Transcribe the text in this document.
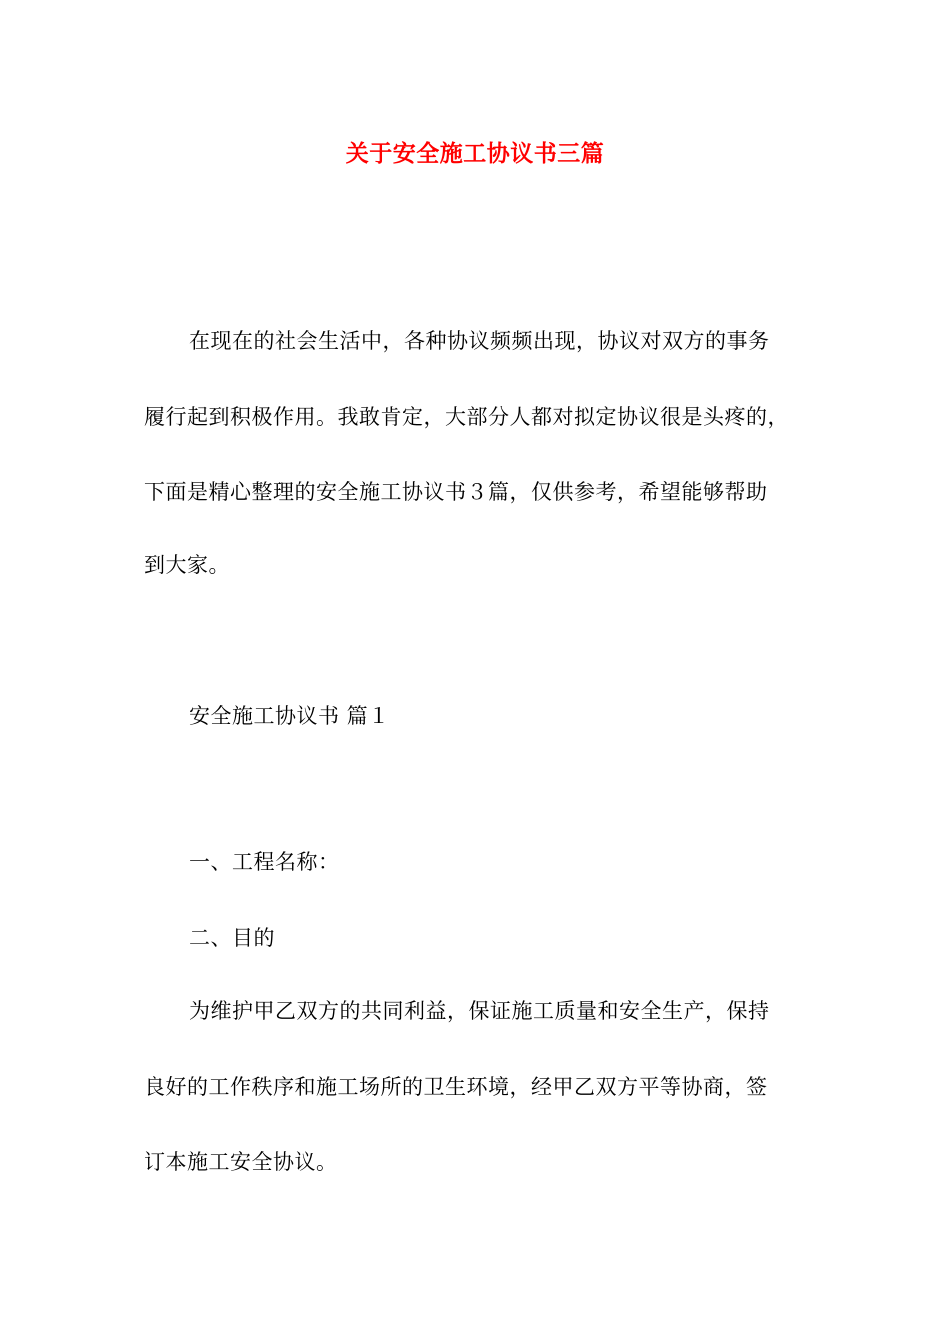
关于安全施工协议书三篇
在现在的社会生活中，各种协议频频出现，协议对双方的事务
履行起到积极作用。我敢肯定，大部分人都对拟定协议很是头疼的，
下面是精心整理的安全施工协议书３篇，仅供参考，希望能够帮助
到大家。
安全施工协议书 篇１
一、工程名称：
二、目的
为维护甲乙双方的共同利益，保证施工质量和安全生产，保持
良好的工作秩序和施工场所的卫生环境，经甲乙双方平等协商，签
订本施工安全协议。
